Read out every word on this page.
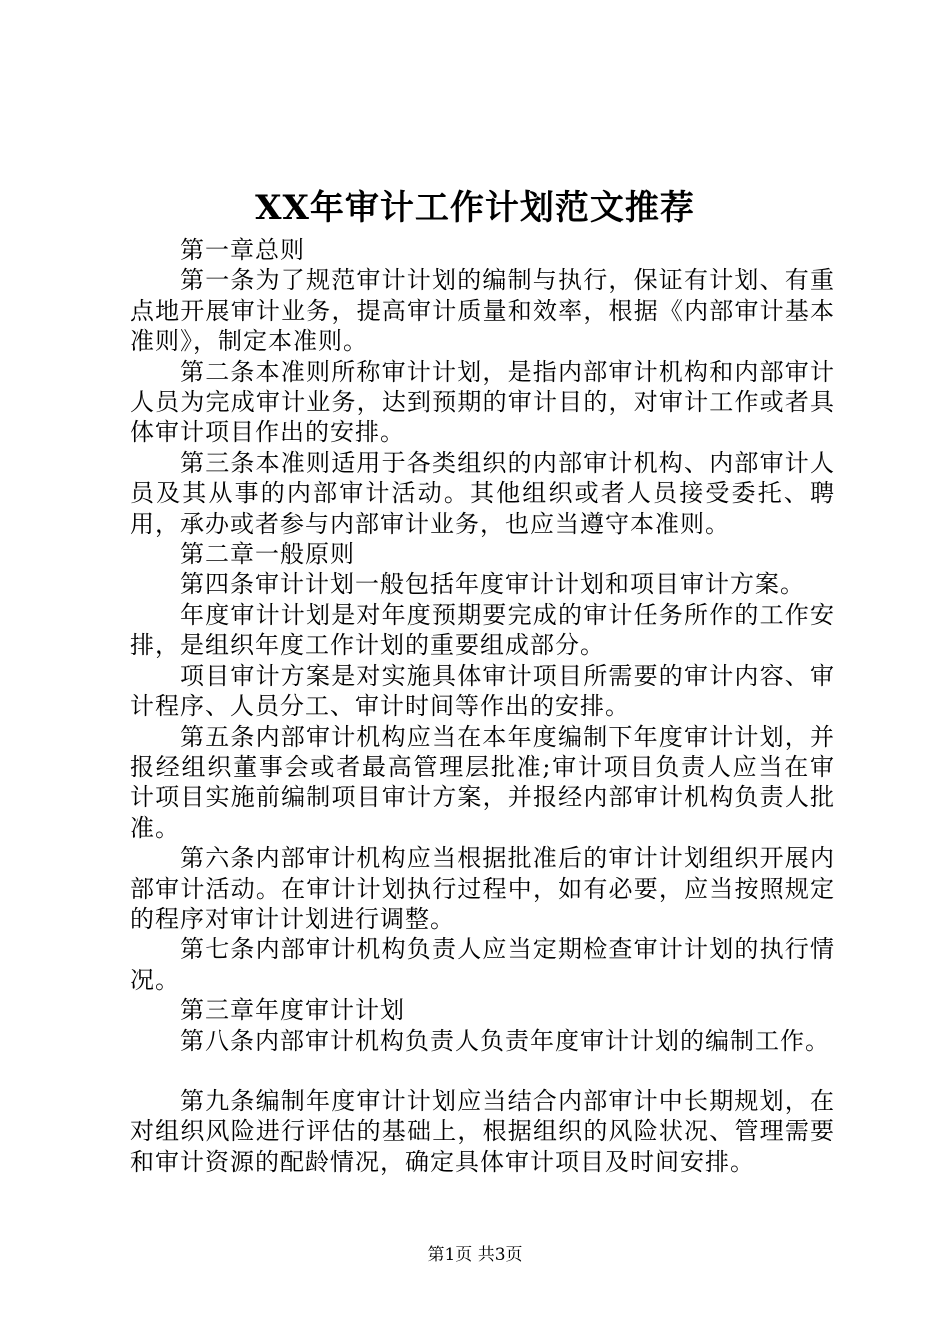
XX年审计工作计划范文推荐

第一章总则

第一条为了规范审计计划的编制与执行，保证有计划、有重点地开展审计业务，提高审计质量和效率，根据《内部审计基本准则》，制定本准则。

第二条本准则所称审计计划，是指内部审计机构和内部审计人员为完成审计业务，达到预期的审计目的，对审计工作或者具体审计项目作出的安排。

第三条本准则适用于各类组织的内部审计机构、内部审计人员及其从事的内部审计活动。其他组织或者人员接受委托、聘用，承办或者参与内部审计业务，也应当遵守本准则。

第二章一般原则

第四条审计计划一般包括年度审计计划和项目审计方案。

年度审计计划是对年度预期要完成的审计任务所作的工作安排，是组织年度工作计划的重要组成部分。

项目审计方案是对实施具体审计项目所需要的审计内容、审计程序、人员分工、审计时间等作出的安排。

第五条内部审计机构应当在本年度编制下年度审计计划，并报经组织董事会或者最高管理层批准;审计项目负责人应当在审计项目实施前编制项目审计方案，并报经内部审计机构负责人批准。

第六条内部审计机构应当根据批准后的审计计划组织开展内部审计活动。在审计计划执行过程中，如有必要，应当按照规定的程序对审计计划进行调整。

第七条内部审计机构负责人应当定期检查审计计划的执行情况。

第三章年度审计计划

第八条内部审计机构负责人负责年度审计计划的编制工作。

第九条编制年度审计计划应当结合内部审计中长期规划，在对组织风险进行评估的基础上，根据组织的风险状况、管理需要和审计资源的配龄情况，确定具体审计项目及时间安排。

第1页 共3页
